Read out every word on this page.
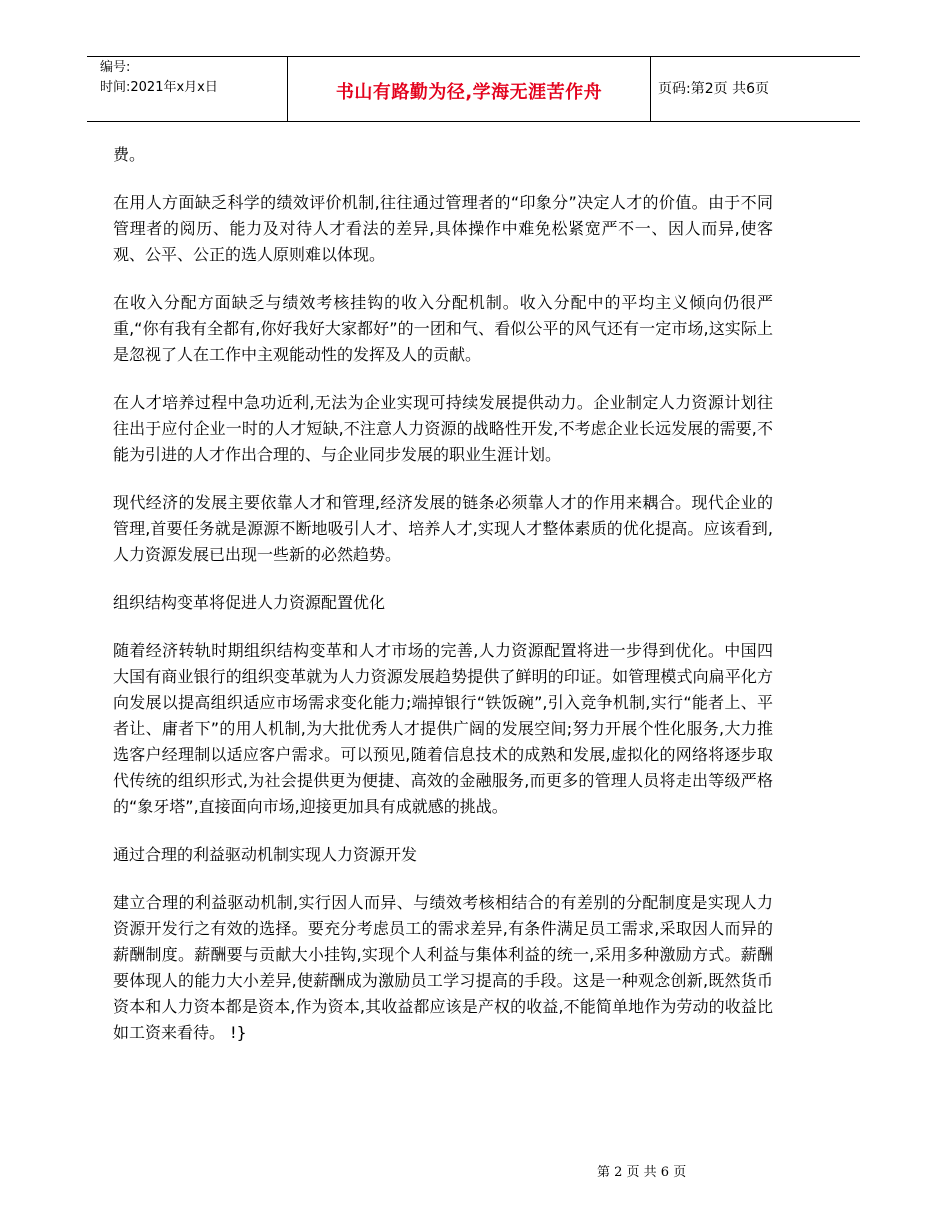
编号:
时间:2021年x月x日	书山有路勤为径,学海无涯苦作舟	页码:第2页 共6页

费。

在用人方面缺乏科学的绩效评价机制,往往通过管理者的“印象分”决定人才的价值。由于不同管理者的阅历、能力及对待人才看法的差异,具体操作中难免松紧宽严不一、因人而异,使客观、公平、公正的选人原则难以体现。

在收入分配方面缺乏与绩效考核挂钩的收入分配机制。收入分配中的平均主义倾向仍很严重,“你有我有全都有,你好我好大家都好”的一团和气、看似公平的风气还有一定市场,这实际上是忽视了人在工作中主观能动性的发挥及人的贡献。

在人才培养过程中急功近利,无法为企业实现可持续发展提供动力。企业制定人力资源计划往往出于应付企业一时的人才短缺,不注意人力资源的战略性开发,不考虑企业长远发展的需要,不能为引进的人才作出合理的、与企业同步发展的职业生涯计划。

现代经济的发展主要依靠人才和管理,经济发展的链条必须靠人才的作用来耦合。现代企业的管理,首要任务就是源源不断地吸引人才、培养人才,实现人才整体素质的优化提高。应该看到,人力资源发展已出现一些新的必然趋势。

组织结构变革将促进人力资源配置优化

随着经济转轨时期组织结构变革和人才市场的完善,人力资源配置将进一步得到优化。中国四大国有商业银行的组织变革就为人力资源发展趋势提供了鲜明的印证。如管理模式向扁平化方向发展以提高组织适应市场需求变化能力;端掉银行“铁饭碗”,引入竞争机制,实行“能者上、平者让、庸者下”的用人机制,为大批优秀人才提供广阔的发展空间;努力开展个性化服务,大力推选客户经理制以适应客户需求。可以预见,随着信息技术的成熟和发展,虚拟化的网络将逐步取代传统的组织形式,为社会提供更为便捷、高效的金融服务,而更多的管理人员将走出等级严格的“象牙塔”,直接面向市场,迎接更加具有成就感的挑战。

通过合理的利益驱动机制实现人力资源开发

建立合理的利益驱动机制,实行因人而异、与绩效考核相结合的有差别的分配制度是实现人力资源开发行之有效的选择。要充分考虑员工的需求差异,有条件满足员工需求,采取因人而异的薪酬制度。薪酬要与贡献大小挂钩,实现个人利益与集体利益的统一,采用多种激励方式。薪酬要体现人的能力大小差异,使薪酬成为激励员工学习提高的手段。这是一种观念创新,既然货币资本和人力资本都是资本,作为资本,其收益都应该是产权的收益,不能简单地作为劳动的收益比如工资来看待。 !}

第 2 页 共 6 页
